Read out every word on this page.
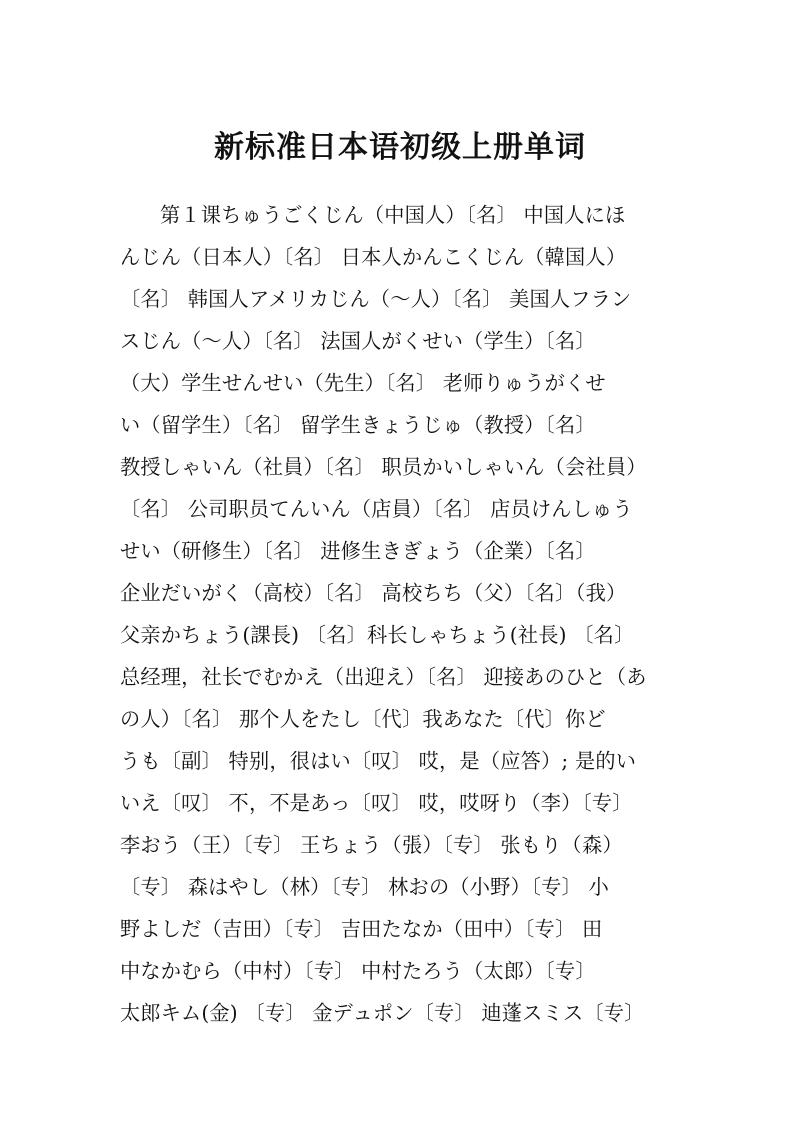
新标准日本语初级上册单词
第１课ちゅうごくじん（中国人）〔名〕 中国人にほ
んじん（日本人）〔名〕 日本人かんこくじん（韓国人）
〔名〕 韩国人アメリカじん（～人）〔名〕 美国人フラン
スじん（～人）〔名〕 法国人がくせい（学生）〔名〕
（大）学生せんせい（先生）〔名〕 老师りゅうがくせ
い（留学生）〔名〕 留学生きょうじゅ（教授）〔名〕
教授しゃいん（社員）〔名〕 职员かいしゃいん（会社員）
〔名〕 公司职员てんいん（店員）〔名〕 店员けんしゅう
せい（研修生）〔名〕 进修生きぎょう（企業）〔名〕
企业だいがく（高校）〔名〕 高校ちち（父）〔名〕（我）
父亲かちょう(課長) 〔名〕科长しゃちょう(社長) 〔名〕
总经理，社长でむかえ（出迎え）〔名〕 迎接あのひと（あ
の人）〔名〕 那个人をたし〔代〕我あなた〔代〕你ど
うも〔副〕 特别，很はい〔叹〕 哎，是（应答）; 是的い
いえ〔叹〕 不，不是あっ〔叹〕 哎，哎呀り（李）〔专〕
李おう（王）〔专〕 王ちょう（張）〔专〕 张もり（森）
〔专〕 森はやし（林）〔专〕 林おの（小野）〔专〕 小
野よしだ（吉田）〔专〕 吉田たなか（田中）〔专〕 田
中なかむら（中村）〔专〕 中村たろう（太郎）〔专〕
太郎キム(金) 〔专〕 金デュポン〔专〕 迪蓬スミス〔专〕
